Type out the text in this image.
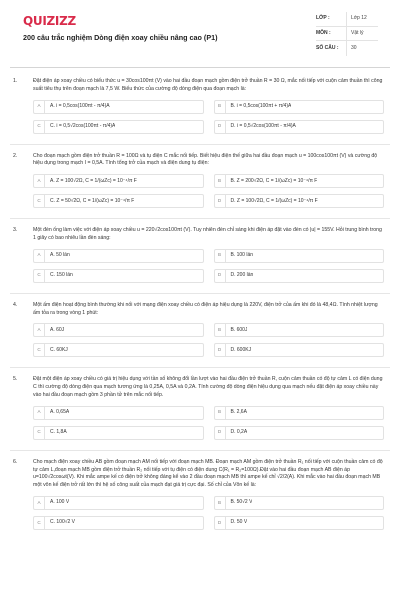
QUIZIZZ
200 câu trắc nghiệm Dòng điện xoay chiều nâng cao (P1)
LỚP :	Lớp 12
MÔN :	Vật lý
SỐ CÂU :	30
1.	Đặt điện áp xoay chiều có biểu thức u = 30cos100πt (V) vào hai đầu đoạn mạch gồm điện trở thuần R = 30 Ω, mắc nối tiếp với cuộn cảm thuần thì công suất tiêu thụ trên đoạn mạch là 7,5 W. Biểu thức của cường độ dòng điện qua đoạn mạch là:
A	A. i = 0,5cos(100πt - π/4)A	B	B. i = 0,5cos(100πt + π/4)A
C	C. i = 0,5√2cos(100πt - π/4)A	D	D. i = 0,5√2cos(100πt - π/4)A
2.	Cho đoạn mạch gồm điện trở thuần R = 100Ω và tụ điện C mắc nối tiếp. Biết hiệu điện thế giữa hai đầu đoạn mạch u = 100cos100πt (V) và cường độ hiệu dụng trong mạch I = 0,5A. Tính tổng trở của mạch và điện dung tụ điện:
A	A. Z = 100√2Ω, C = 1/(ωZc) = 10⁻⁴/π F	B	B. Z = 200√2Ω, C = 1/(ωZc) = 10⁻⁴/π F
C	C. Z = 50√2Ω, C = 1/(ωZc) = 10⁻⁴/π F	D	D. Z = 100√2Ω, C = 1/(ωZc) = 10⁻⁴/π F
3.	Một đèn ống làm việc với điện áp xoay chiều u = 220√2cos100πt (V). Tuy nhiên đèn chỉ sáng khi điện áp đặt vào đèn có |u| = 155V. Hỏi trung bình trong 1 giây có bao nhiêu lần đèn sáng:
A	A. 50 lần	B	B. 100 lần
C	C. 150 lần	D	D. 200 lần
4.	Một ấm điện hoạt động bình thường khi nối với mạng điện xoay chiều có điện áp hiệu dụng là 220V, điện trở của ấm khi đó là 48,4Ω. Tính nhiệt lượng ấm tỏa ra trong vòng 1 phút:
A	A. 60J	B	B. 600J
C	C. 60KJ	D	D. 600KJ
5.	Đặt một điện áp xoay chiều có giá trị hiệu dụng với tần số không đổi lần lượt vào hai đầu điện trở thuần R, cuộn cảm thuần có độ tự cảm L có điện dung C thì cường độ dòng điện qua mạch tương ứng là 0,25A, 0,5A và 0,2A. Tính cường độ dòng điện hiệu dụng qua mạch nếu đặt điện áp xoay chiều này vào hai đầu đoạn mạch gồm 3 phần tử trên mắc nối tiếp.
A	A. 0,65A	B	B. 2,6A
C	C. 1,8A	D	D. 0,2A
6.	Cho mạch điện xoay chiều AB gồm đoạn mạch AM nối tiếp với đoạn mạch MB. Đoạn mạch AM gồm điện trở thuần R₁ nối tiếp với cuộn thuần cảm có độ tự cảm L,đoạn mạch MB gồm điện trở thuần R₂ nối tiếp với tụ điện có điện dung C(R₁ = R₂=100Ω).Đặt vào hai đầu đoạn mạch AB điện áp u=100√2cosωt(V). Khi mắc ampe kế có điện trở không đáng kể vào 2 đầu đoạn mạch MB thì ampe kế chỉ √2/2(A). Khi mắc vào hai đầu đoạn mạch MB một vôn kế điện trở rất lớn thì hệ số công suất của mạch đạt giá trị cực đại. Số chỉ của Vôn kế là:
A	A. 100 V	B	B. 50√2 V
C	C. 100√2 V	D	D. 50 V
